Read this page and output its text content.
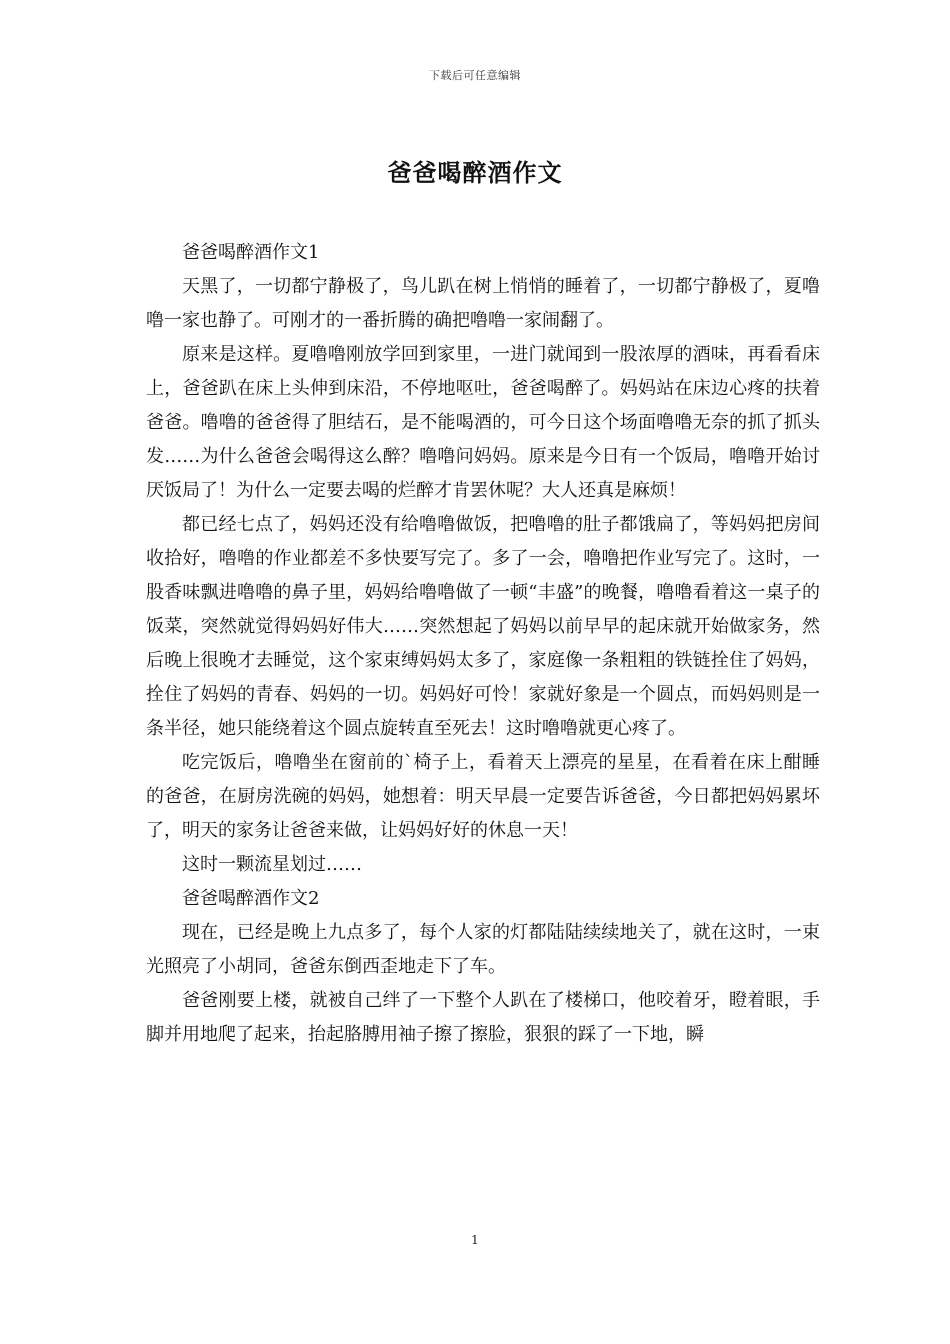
下载后可任意编辑
爸爸喝醉酒作文

爸爸喝醉酒作文1

天黑了，一切都宁静极了，鸟儿趴在树上悄悄的睡着了，一切都宁静极了，夏噜噜一家也静了。可刚才的一番折腾的确把噜噜一家闹翻了。

原来是这样。夏噜噜刚放学回到家里，一进门就闻到一股浓厚的酒味，再看看床上，爸爸趴在床上头伸到床沿，不停地呕吐，爸爸喝醉了。妈妈站在床边心疼的扶着爸爸。噜噜的爸爸得了胆结石，是不能喝酒的，可今日这个场面噜噜无奈的抓了抓头发……为什么爸爸会喝得这么醉？噜噜问妈妈。原来是今日有一个饭局，噜噜开始讨厌饭局了！为什么一定要去喝的烂醉才肯罢休呢？大人还真是麻烦！

都已经七点了，妈妈还没有给噜噜做饭，把噜噜的肚子都饿扁了，等妈妈把房间收拾好，噜噜的作业都差不多快要写完了。多了一会，噜噜把作业写完了。这时，一股香味飘进噜噜的鼻子里，妈妈给噜噜做了一顿“丰盛”的晚餐，噜噜看着这一桌子的饭菜，突然就觉得妈妈好伟大……突然想起了妈妈以前早早的起床就开始做家务，然后晚上很晚才去睡觉，这个家束缚妈妈太多了，家庭像一条粗粗的铁链拴住了妈妈，拴住了妈妈的青春、妈妈的一切。妈妈好可怜！家就好象是一个圆点，而妈妈则是一条半径，她只能绕着这个圆点旋转直至死去！这时噜噜就更心疼了。

吃完饭后，噜噜坐在窗前的`椅子上，看着天上漂亮的星星，在看着在床上酣睡的爸爸，在厨房洗碗的妈妈，她想着：明天早晨一定要告诉爸爸，今日都把妈妈累坏了，明天的家务让爸爸来做，让妈妈好好的休息一天！

这时一颗流星划过……

爸爸喝醉酒作文2

现在，已经是晚上九点多了，每个人家的灯都陆陆续续地关了，就在这时，一束光照亮了小胡同，爸爸东倒西歪地走下了车。

爸爸刚要上楼，就被自己绊了一下整个人趴在了楼梯口，他咬着牙，瞪着眼，手脚并用地爬了起来，抬起胳膊用袖子擦了擦脸，狠狠的踩了一下地，瞬

1
